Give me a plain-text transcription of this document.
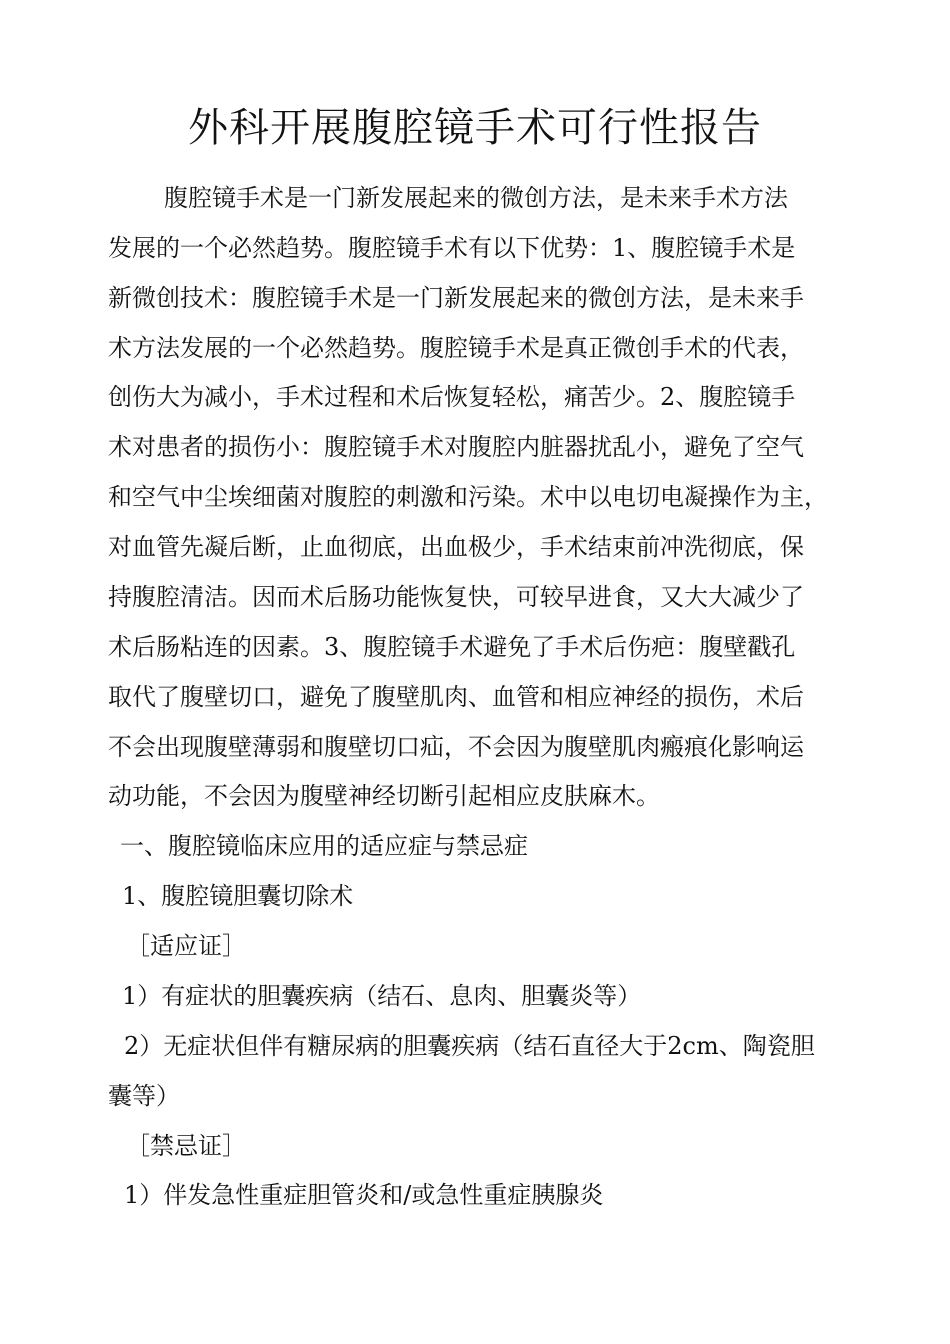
外科开展腹腔镜手术可行性报告
腹腔镜手术是一门新发展起来的微创方法，是未来手术方法
发展的一个必然趋势。腹腔镜手术有以下优势：1、腹腔镜手术是
新微创技术：腹腔镜手术是一门新发展起来的微创方法，是未来手
术方法发展的一个必然趋势。腹腔镜手术是真正微创手术的代表，
创伤大为减小，手术过程和术后恢复轻松，痛苦少。2、腹腔镜手
术对患者的损伤小：腹腔镜手术对腹腔内脏器扰乱小，避免了空气
和空气中尘埃细菌对腹腔的刺激和污染。术中以电切电凝操作为主，
对血管先凝后断，止血彻底，出血极少，手术结束前冲洗彻底，保
持腹腔清洁。因而术后肠功能恢复快，可较早进食，又大大减少了
术后肠粘连的因素。3、腹腔镜手术避免了手术后伤疤：腹壁戳孔
取代了腹壁切口，避免了腹壁肌肉、血管和相应神经的损伤，术后
不会出现腹壁薄弱和腹壁切口疝，不会因为腹壁肌肉瘢痕化影响运
动功能，不会因为腹壁神经切断引起相应皮肤麻木。
一、腹腔镜临床应用的适应症与禁忌症
1、腹腔镜胆囊切除术
［适应证］
1）有症状的胆囊疾病（结石、息肉、胆囊炎等）
2）无症状但伴有糖尿病的胆囊疾病（结石直径大于2cm、陶瓷胆
囊等）
［禁忌证］
1）伴发急性重症胆管炎和/或急性重症胰腺炎
